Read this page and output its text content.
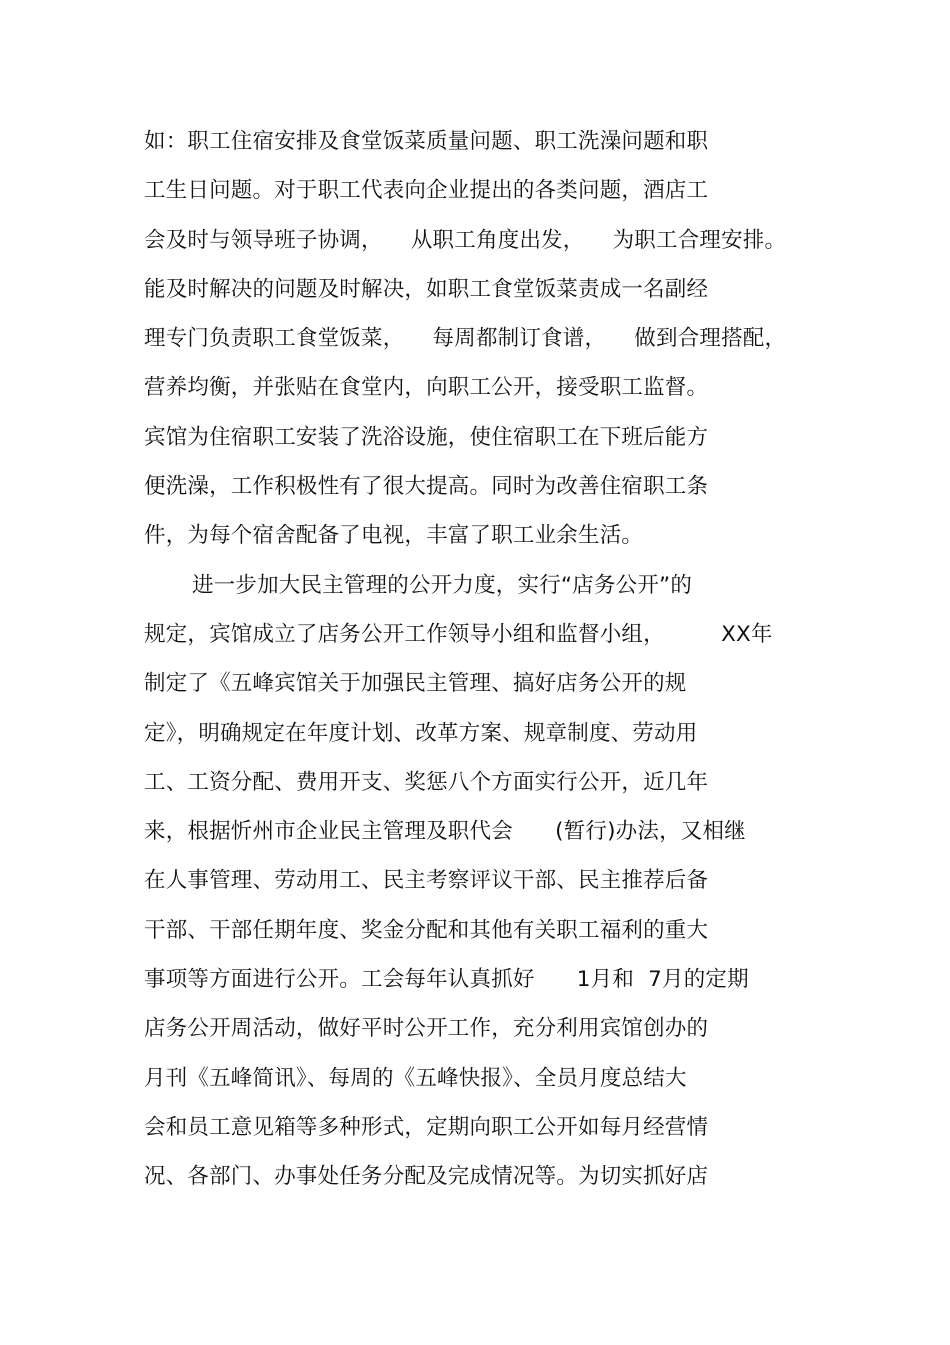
如：职工住宿安排及食堂饭菜质量问题、职工洗澡问题和职
工生日问题。对于职工代表向企业提出的各类问题，酒店工
会及时与领导班子协调，    从职工角度出发，    为职工合理安排。
能及时解决的问题及时解决，如职工食堂饭菜责成一名副经
理专门负责职工食堂饭菜，    每周都制订食谱，    做到合理搭配，
营养均衡，并张贴在食堂内，向职工公开，接受职工监督。
宾馆为住宿职工安装了洗浴设施，使住宿职工在下班后能方
便洗澡，工作积极性有了很大提高。同时为改善住宿职工条
件，为每个宿舍配备了电视，丰富了职工业余生活。
进一步加大民主管理的公开力度，实行“店务公开”的
规定，宾馆成立了店务公开工作领导小组和监督小组，        XX年
制定了《五峰宾馆关于加强民主管理、搞好店务公开的规
定》，明确规定在年度计划、改革方案、规章制度、劳动用
工、工资分配、费用开支、奖惩八个方面实行公开，近几年
来，根据忻州市企业民主管理及职代会      (暂行)办法，又相继
在人事管理、劳动用工、民主考察评议干部、民主推荐后备
干部、干部任期年度、奖金分配和其他有关职工福利的重大
事项等方面进行公开。工会每年认真抓好      1月和  7月的定期
店务公开周活动，做好平时公开工作，充分利用宾馆创办的
月刊《五峰简讯》、每周的《五峰快报》、全员月度总结大
会和员工意见箱等多种形式，定期向职工公开如每月经营情
况、各部门、办事处任务分配及完成情况等。为切实抓好店
